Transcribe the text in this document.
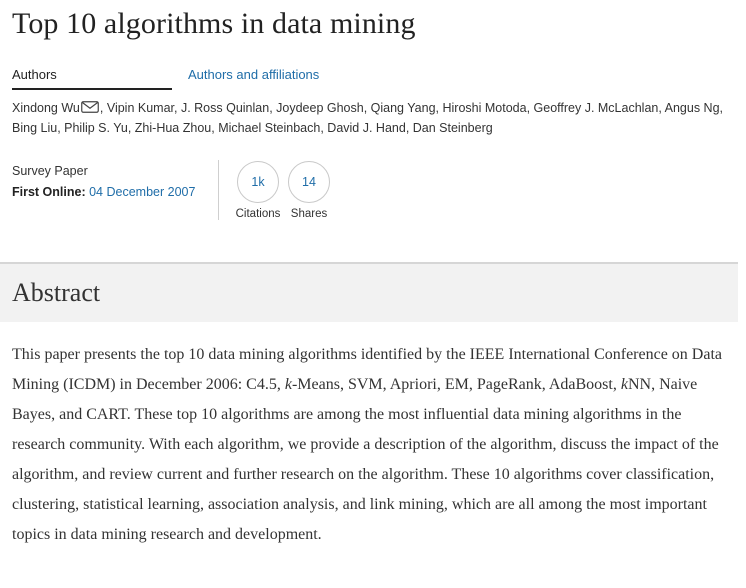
Top 10 algorithms in data mining
Authors	Authors and affiliations
Xindong Wu , Vipin Kumar, J. Ross Quinlan, Joydeep Ghosh, Qiang Yang, Hiroshi Motoda, Geoffrey J. McLachlan, Angus Ng, Bing Liu, Philip S. Yu, Zhi-Hua Zhou, Michael Steinbach, David J. Hand, Dan Steinberg
Survey Paper
First Online: 04 December 2007
1k
Citations
14
Shares
Abstract

This paper presents the top 10 data mining algorithms identified by the IEEE International Conference on Data Mining (ICDM) in December 2006: C4.5, k-Means, SVM, Apriori, EM, PageRank, AdaBoost, kNN, Naive Bayes, and CART. These top 10 algorithms are among the most influential data mining algorithms in the research community. With each algorithm, we provide a description of the algorithm, discuss the impact of the algorithm, and review current and further research on the algorithm. These 10 algorithms cover classification, clustering, statistical learning, association analysis, and link mining, which are all among the most important topics in data mining research and development.
